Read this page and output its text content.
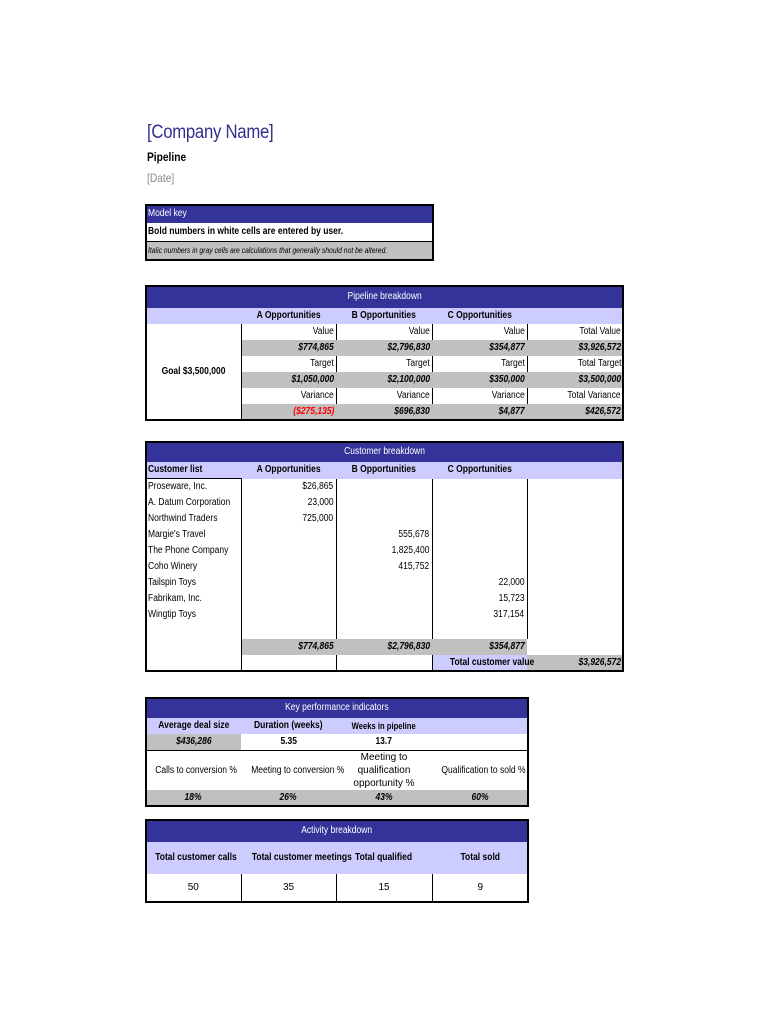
[Company Name]
Pipeline
[Date]
Model key
Bold numbers in white cells are entered by user.
Italic numbers in gray cells are calculations that generally should not be altered.
Pipeline breakdown				
	A Opportunities	B Opportunities	C Opportunities	
Goal $3,500,000	Value	Value	Value	Total Value
	$774,865	$2,796,830	$354,877	$3,926,572
	Target	Target	Target	Total Target
	$1,050,000	$2,100,000	$350,000	$3,500,000
	Variance	Variance	Variance	Total Variance
	($275,135)	$696,830	$4,877	$426,572
Customer breakdown				
Customer list	A Opportunities	B Opportunities	C Opportunities	
Proseware, Inc.	$26,865			
A. Datum Corporation	23,000			
Northwind Traders	725,000			
Margie's Travel		555,678		
The Phone Company		1,825,400		
Coho Winery		415,752		
Tailspin Toys			22,000	
Fabrikam, Inc.			15,723	
Wingtip Toys			317,154	

	$774,865	$2,796,830	$354,877	
			Total customer value	$3,926,572
Key performance indicators			
Average deal size	Duration (weeks)	Weeks in pipeline	
$436,286	5.35	13.7	
Calls to conversion %	Meeting to conversion %	Meeting to qualification opportunity %	Qualification to sold %
18%	26%	43%	60%
Activity breakdown			
Total customer calls	Total customer meetings	Total qualified	Total sold
50	35	15	9
